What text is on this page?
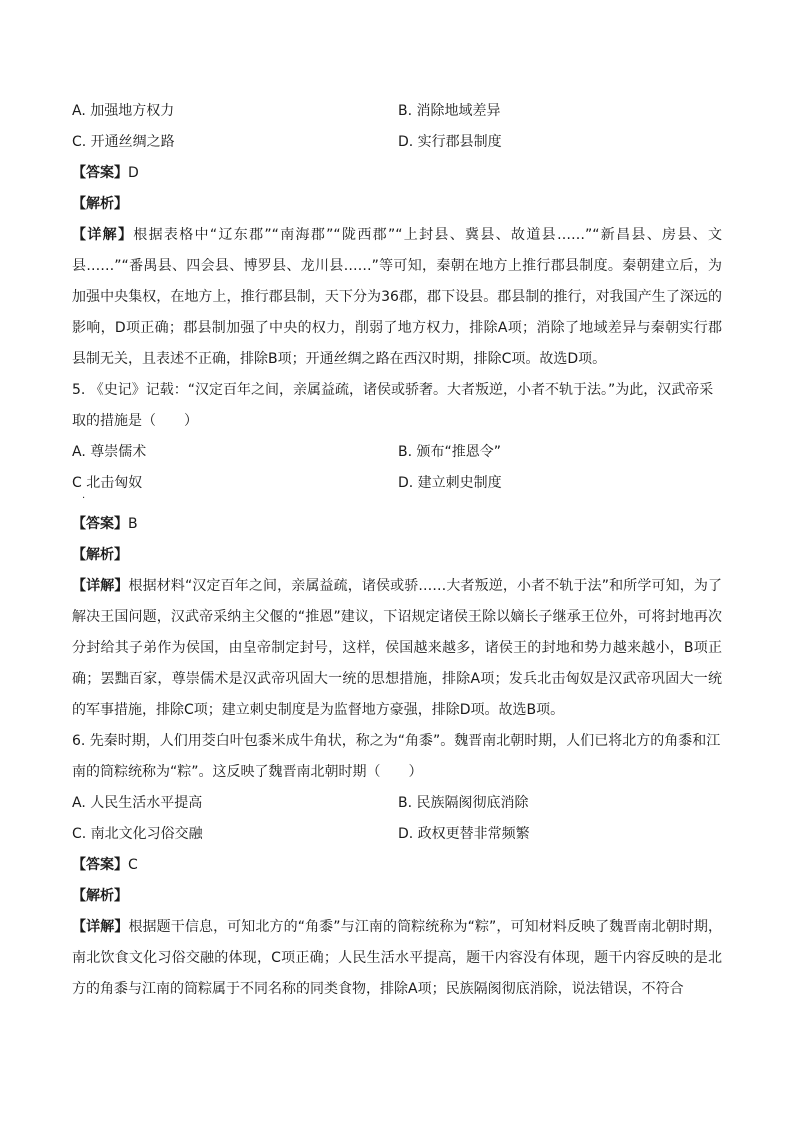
A. 加强地方权力	B. 消除地域差异
C. 开通丝绸之路	D. 实行郡县制度
【答案】D
【解析】

【详解】根据表格中“辽东郡”“南海郡”“陇西郡”“上封县、冀县、故道县……”“新昌县、房县、文县……”“番禺县、四会县、博罗县、龙川县……”等可知，秦朝在地方上推行郡县制度。秦朝建立后，为加强中央集权，在地方上，推行郡县制，天下分为36郡，郡下设县。郡县制的推行，对我国产生了深远的影响，D项正确；郡县制加强了中央的权力，削弱了地方权力，排除A项；消除了地域差异与秦朝实行郡县制无关，且表述不正确，排除B项；开通丝绸之路在西汉时期，排除C项。故选D项。

5. 《史记》记载：“汉定百年之间，亲属益疏，诸侯或骄奢。大者叛逆，小者不轨于法。”为此，汉武帝采取的措施是（　　）

A. 尊崇儒术	B. 颁布“推恩令”
C 北击匈奴	D. 建立刺史制度
·
【答案】B
【解析】

【详解】根据材料“汉定百年之间，亲属益疏，诸侯或骄……大者叛逆，小者不轨于法”和所学可知，为了解决王国问题，汉武帝采纳主父偃的“推恩”建议，下诏规定诸侯王除以嫡长子继承王位外，可将封地再次分封给其子弟作为侯国，由皇帝制定封号，这样，侯国越来越多，诸侯王的封地和势力越来越小，B项正确；罢黜百家，尊崇儒术是汉武帝巩固大一统的思想措施，排除A项；发兵北击匈奴是汉武帝巩固大一统的军事措施，排除C项；建立刺史制度是为监督地方豪强，排除D项。故选B项。

6. 先秦时期，人们用茭白叶包黍米成牛角状，称之为“角黍”。魏晋南北朝时期，人们已将北方的角黍和江南的筒粽统称为“粽”。这反映了魏晋南北朝时期（　　）

A. 人民生活水平提高	B. 民族隔阂彻底消除
C. 南北文化习俗交融	D. 政权更替非常频繁
【答案】C
【解析】

【详解】根据题干信息，可知北方的“角黍”与江南的筒粽统称为“粽”，可知材料反映了魏晋南北朝时期，南北饮食文化习俗交融的体现，C项正确；人民生活水平提高，题干内容没有体现，题干内容反映的是北方的角黍与江南的筒粽属于不同名称的同类食物，排除A项；民族隔阂彻底消除，说法错误，不符合
